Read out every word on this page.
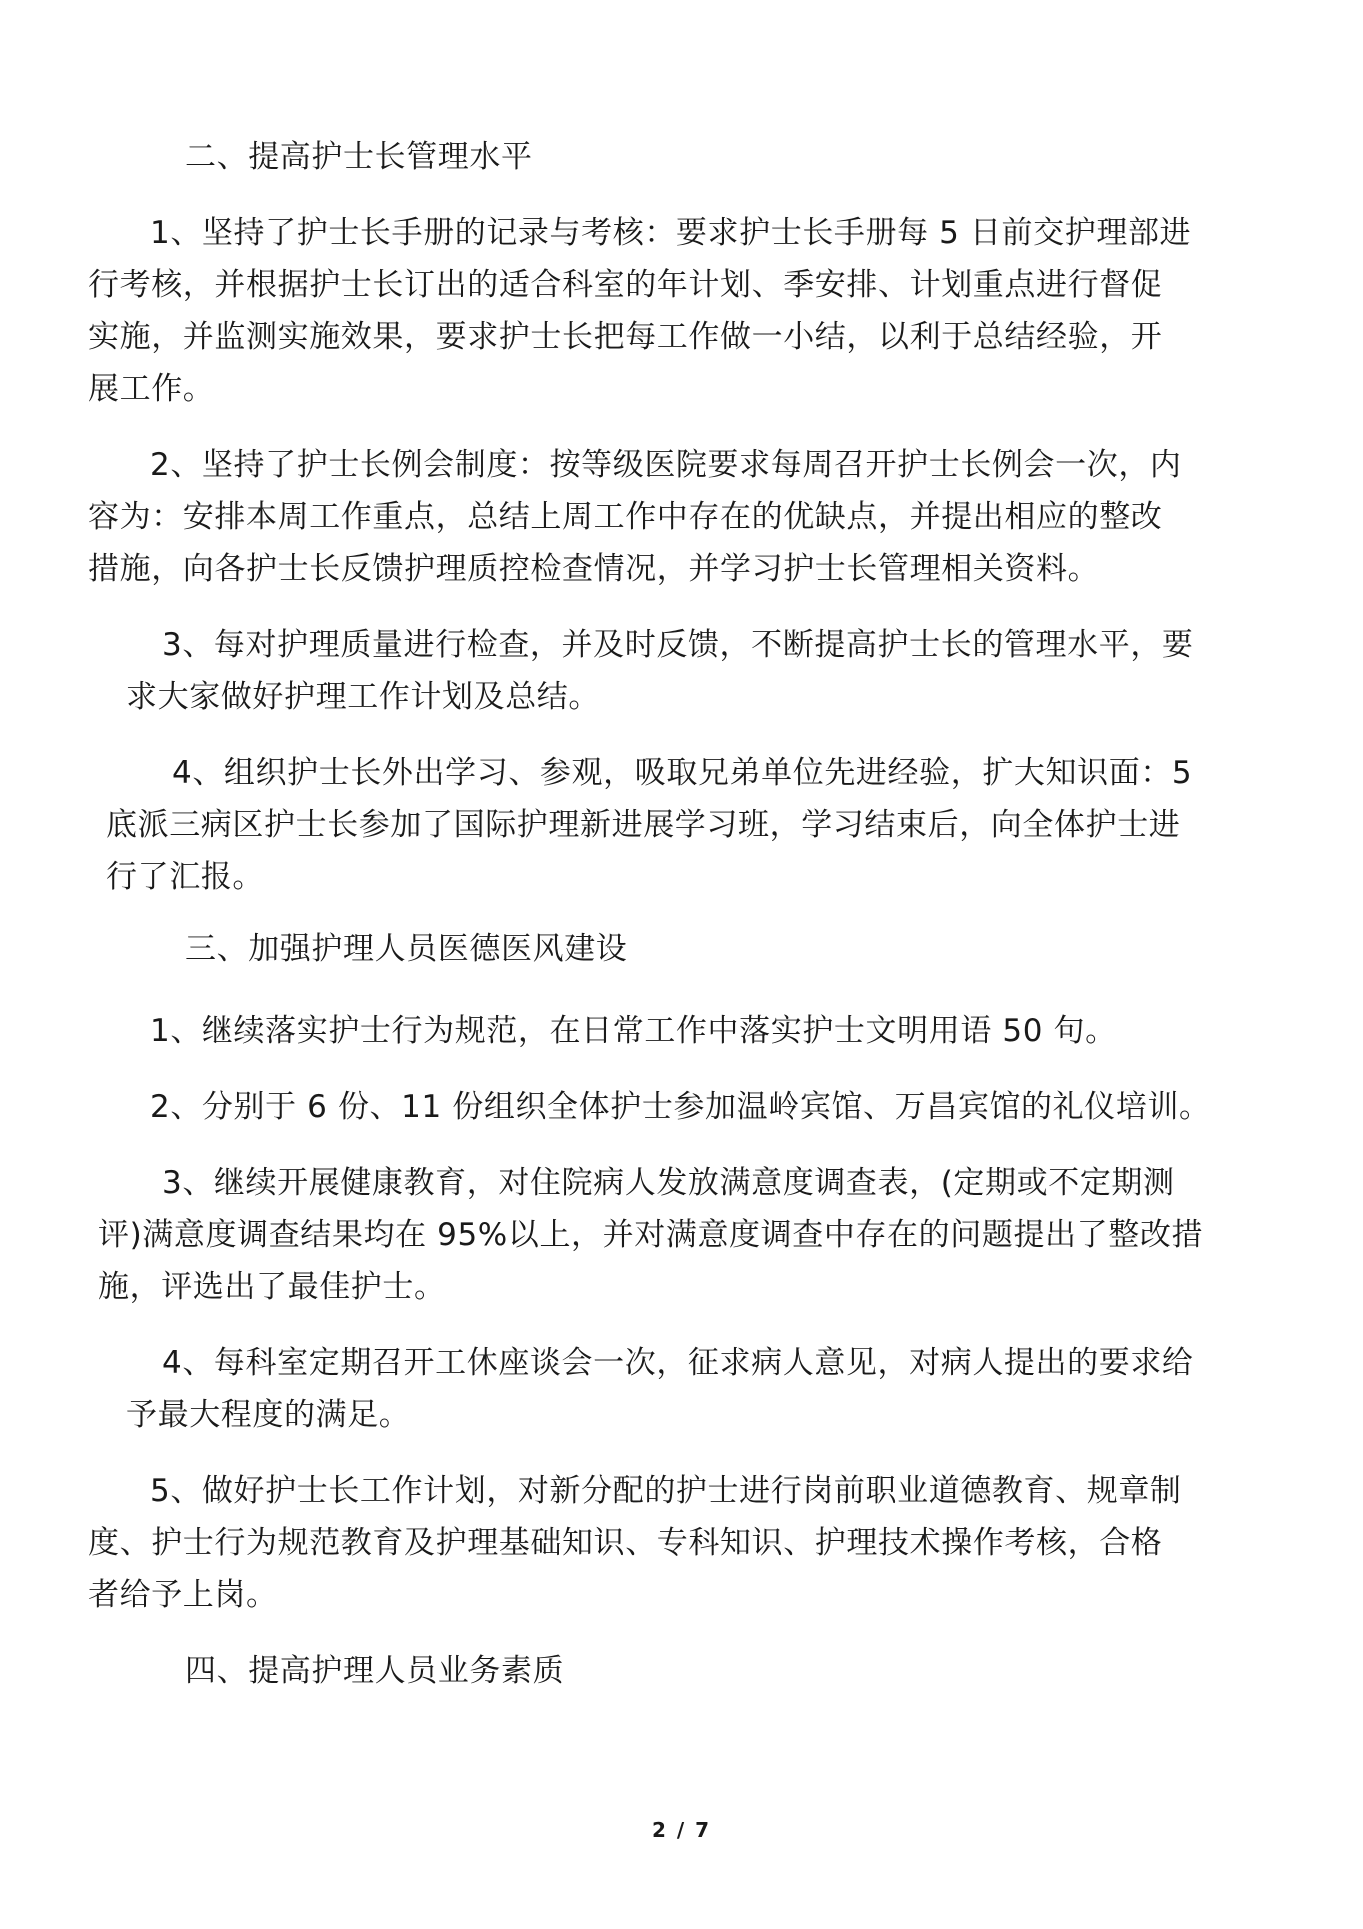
二、提高护士长管理水平
1、坚持了护士长手册的记录与考核：要求护士长手册每 5 日前交护理部进
行考核，并根据护士长订出的适合科室的年计划、季安排、计划重点进行督促
实施，并监测实施效果，要求护士长把每工作做一小结，以利于总结经验，开
展工作。
2、坚持了护士长例会制度：按等级医院要求每周召开护士长例会一次，内
容为：安排本周工作重点，总结上周工作中存在的优缺点，并提出相应的整改
措施，向各护士长反馈护理质控检查情况，并学习护士长管理相关资料。
3、每对护理质量进行检查，并及时反馈，不断提高护士长的管理水平，要
求大家做好护理工作计划及总结。
4、组织护士长外出学习、参观，吸取兄弟单位先进经验，扩大知识面：5
底派三病区护士长参加了国际护理新进展学习班，学习结束后，向全体护士进
行了汇报。
三、加强护理人员医德医风建设
1、继续落实护士行为规范，在日常工作中落实护士文明用语 50 句。
2、分别于 6 份、11 份组织全体护士参加温岭宾馆、万昌宾馆的礼仪培训。
3、继续开展健康教育，对住院病人发放满意度调查表，(定期或不定期测
评)满意度调查结果均在 95%以上，并对满意度调查中存在的问题提出了整改措
施，评选出了最佳护士。
4、每科室定期召开工休座谈会一次，征求病人意见，对病人提出的要求给
予最大程度的满足。
5、做好护士长工作计划，对新分配的护士进行岗前职业道德教育、规章制
度、护士行为规范教育及护理基础知识、专科知识、护理技术操作考核，合格
者给予上岗。
四、提高护理人员业务素质
2 / 7
